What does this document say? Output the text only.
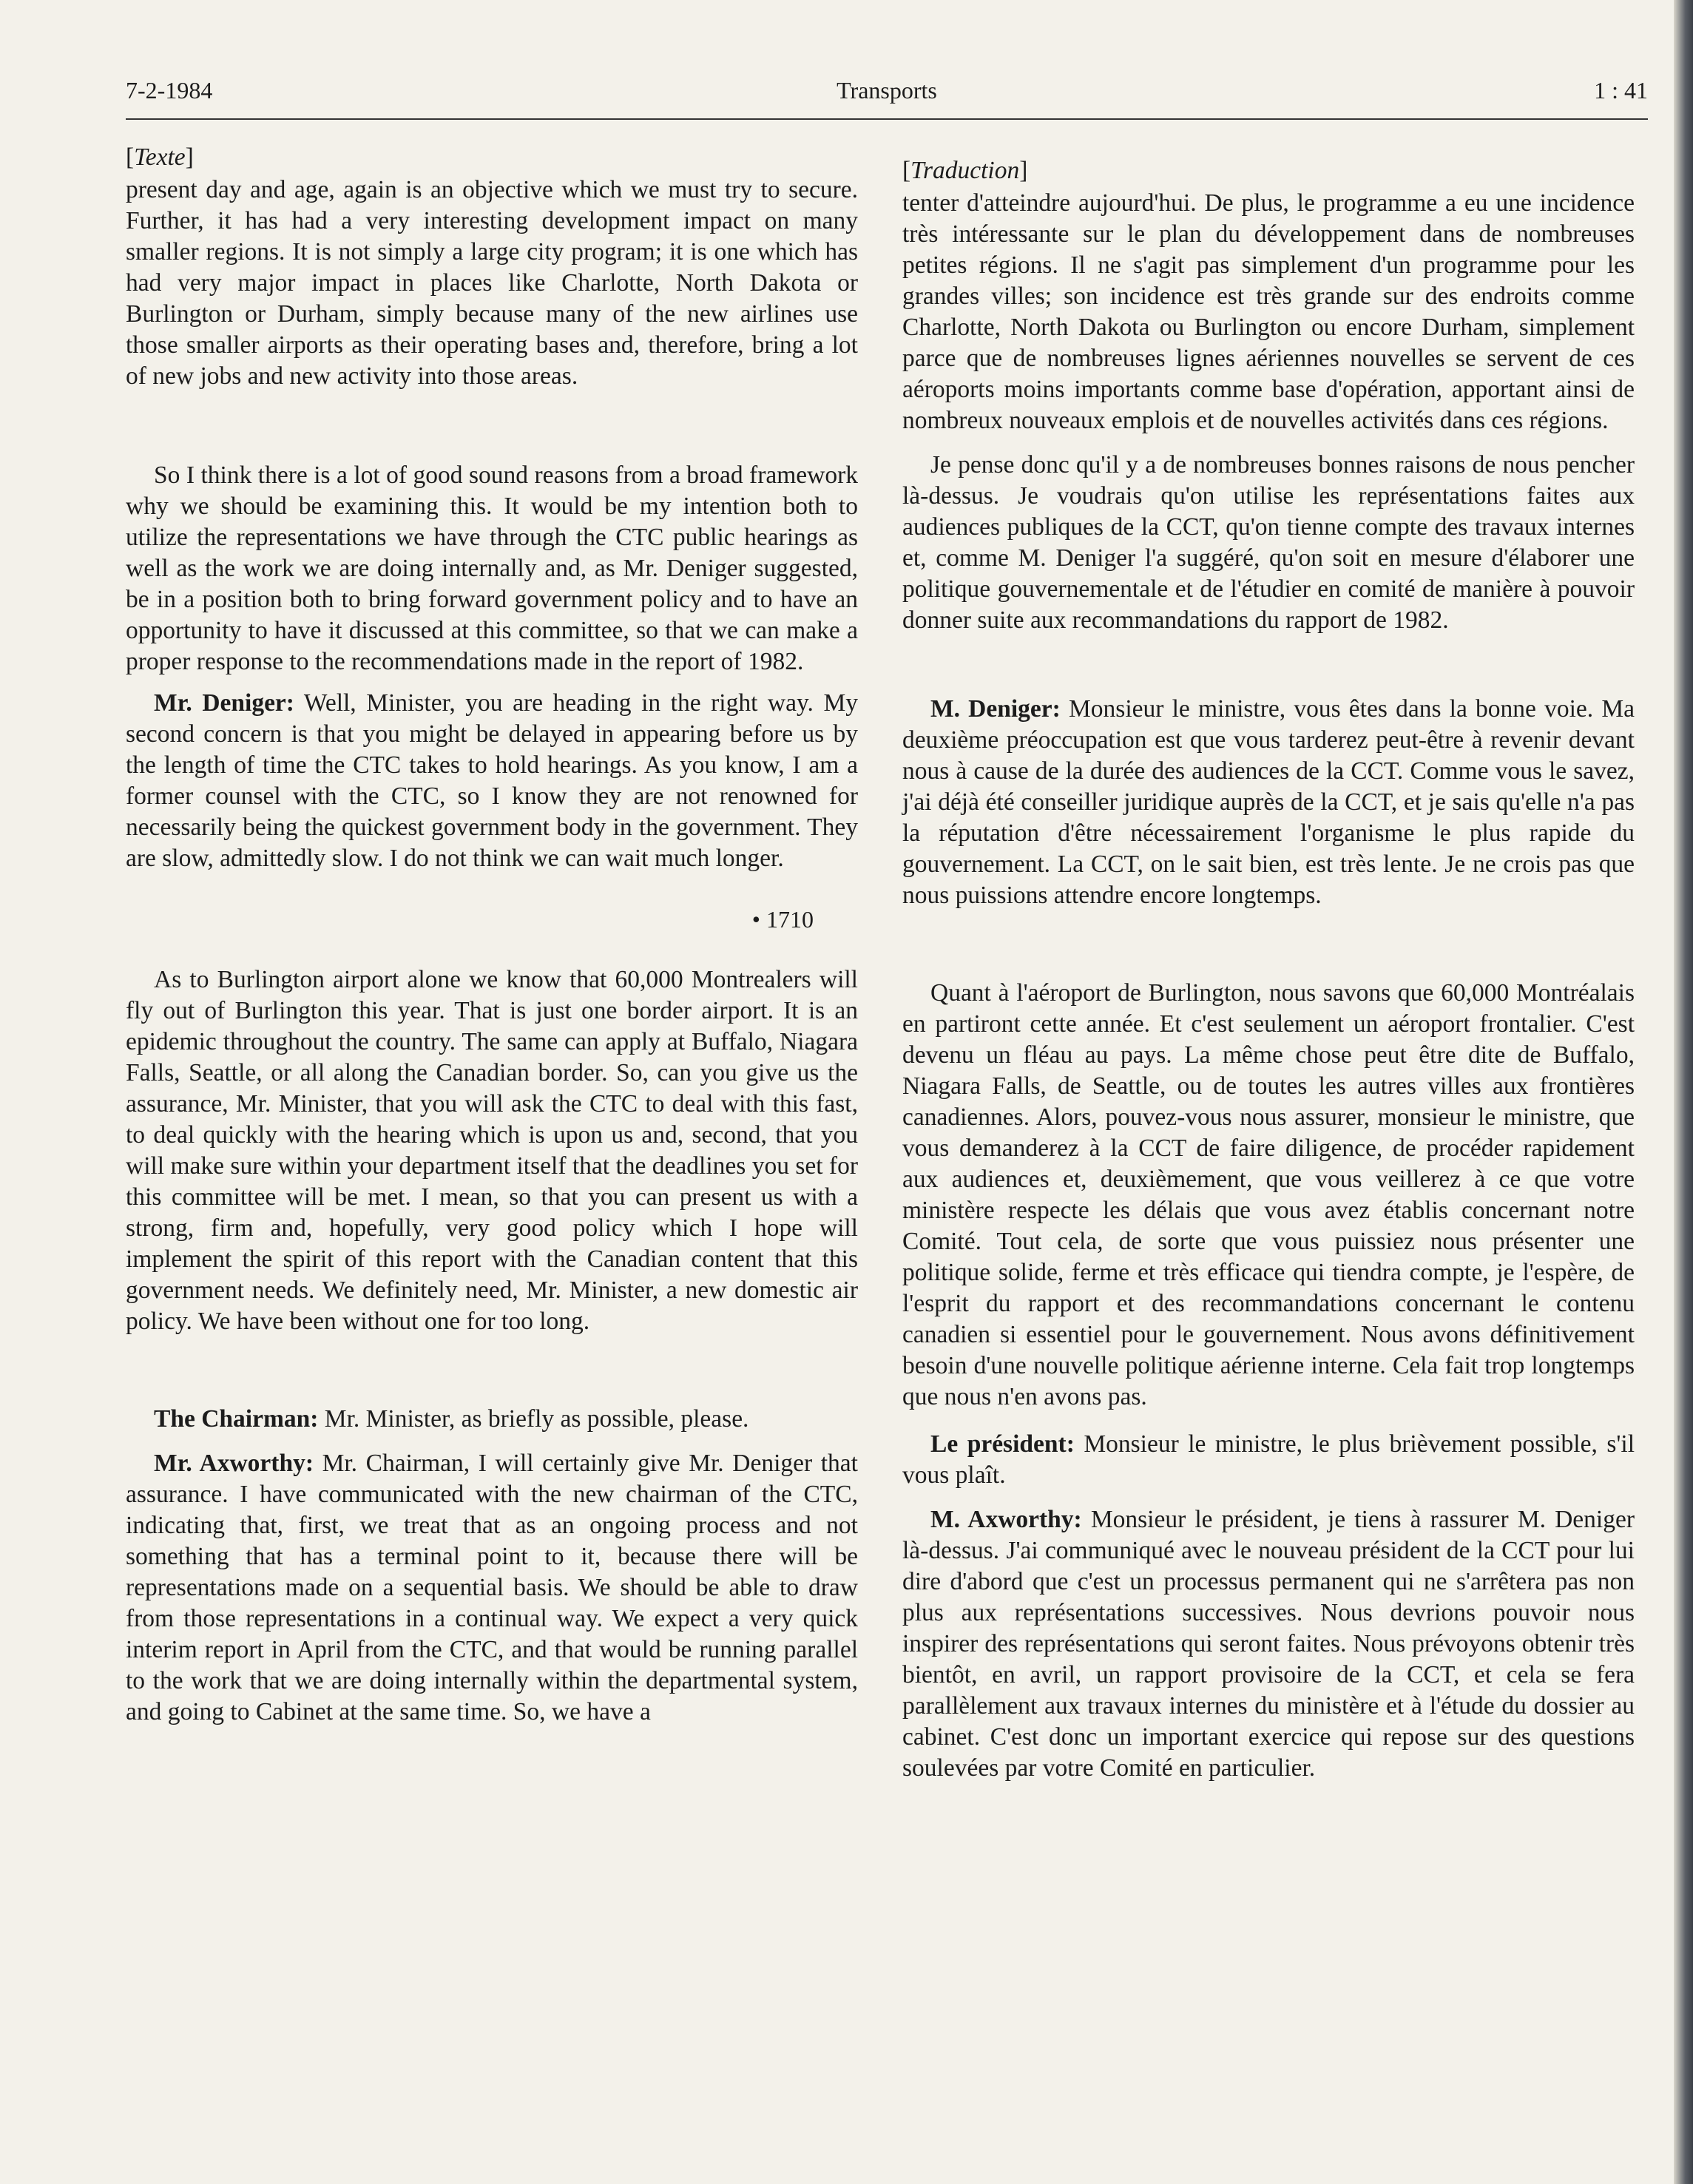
7-2-1984	Transports	1 : 41
[Texte]

present day and age, again is an objective which we must try to secure. Further, it has had a very interesting development impact on many smaller regions. It is not simply a large city program; it is one which has had very major impact in places like Charlotte, North Dakota or Burlington or Durham, simply because many of the new airlines use those smaller airports as their operating bases and, therefore, bring a lot of new jobs and new activity into those areas.

So I think there is a lot of good sound reasons from a broad framework why we should be examining this. It would be my intention both to utilize the representations we have through the CTC public hearings as well as the work we are doing internally and, as Mr. Deniger suggested, be in a position both to bring forward government policy and to have an opportunity to have it discussed at this committee, so that we can make a proper response to the recommendations made in the report of 1982.

Mr. Deniger: Well, Minister, you are heading in the right way. My second concern is that you might be delayed in appearing before us by the length of time the CTC takes to hold hearings. As you know, I am a former counsel with the CTC, so I know they are not renowned for necessarily being the quickest government body in the government. They are slow, admittedly slow. I do not think we can wait much longer.

• 1710

As to Burlington airport alone we know that 60,000 Montrealers will fly out of Burlington this year. That is just one border airport. It is an epidemic throughout the country. The same can apply at Buffalo, Niagara Falls, Seattle, or all along the Canadian border. So, can you give us the assurance, Mr. Minister, that you will ask the CTC to deal with this fast, to deal quickly with the hearing which is upon us and, second, that you will make sure within your department itself that the deadlines you set for this committee will be met. I mean, so that you can present us with a strong, firm and, hopefully, very good policy which I hope will implement the spirit of this report with the Canadian content that this government needs. We definitely need, Mr. Minister, a new domestic air policy. We have been without one for too long.

The Chairman: Mr. Minister, as briefly as possible, please.

Mr. Axworthy: Mr. Chairman, I will certainly give Mr. Deniger that assurance. I have communicated with the new chairman of the CTC, indicating that, first, we treat that as an ongoing process and not something that has a terminal point to it, because there will be representations made on a sequential basis. We should be able to draw from those representations in a continual way. We expect a very quick interim report in April from the CTC, and that would be running parallel to the work that we are doing internally within the departmental system, and going to Cabinet at the same time. So, we have a

[Traduction]

tenter d'atteindre aujourd'hui. De plus, le programme a eu une incidence très intéressante sur le plan du développement dans de nombreuses petites régions. Il ne s'agit pas simplement d'un programme pour les grandes villes; son incidence est très grande sur des endroits comme Charlotte, North Dakota ou Burlington ou encore Durham, simplement parce que de nombreuses lignes aériennes nouvelles se servent de ces aéroports moins importants comme base d'opération, apportant ainsi de nombreux nouveaux emplois et de nouvelles activités dans ces régions.

Je pense donc qu'il y a de nombreuses bonnes raisons de nous pencher là-dessus. Je voudrais qu'on utilise les représentations faites aux audiences publiques de la CCT, qu'on tienne compte des travaux internes et, comme M. Deniger l'a suggéré, qu'on soit en mesure d'élaborer une politique gouvernementale et de l'étudier en comité de manière à pouvoir donner suite aux recommandations du rapport de 1982.

M. Deniger: Monsieur le ministre, vous êtes dans la bonne voie. Ma deuxième préoccupation est que vous tarderez peut-être à revenir devant nous à cause de la durée des audiences de la CCT. Comme vous le savez, j'ai déjà été conseiller juridique auprès de la CCT, et je sais qu'elle n'a pas la réputation d'être nécessairement l'organisme le plus rapide du gouvernement. La CCT, on le sait bien, est très lente. Je ne crois pas que nous puissions attendre encore longtemps.

Quant à l'aéroport de Burlington, nous savons que 60,000 Montréalais en partiront cette année. Et c'est seulement un aéroport frontalier. C'est devenu un fléau au pays. La même chose peut être dite de Buffalo, Niagara Falls, de Seattle, ou de toutes les autres villes aux frontières canadiennes. Alors, pouvez-vous nous assurer, monsieur le ministre, que vous demanderez à la CCT de faire diligence, de procéder rapidement aux audiences et, deuxièmement, que vous veillerez à ce que votre ministère respecte les délais que vous avez établis concernant notre Comité. Tout cela, de sorte que vous puissiez nous présenter une politique solide, ferme et très efficace qui tiendra compte, je l'espère, de l'esprit du rapport et des recommandations concernant le contenu canadien si essentiel pour le gouvernement. Nous avons définitivement besoin d'une nouvelle politique aérienne interne. Cela fait trop longtemps que nous n'en avons pas.

Le président: Monsieur le ministre, le plus brièvement possible, s'il vous plaît.

M. Axworthy: Monsieur le président, je tiens à rassurer M. Deniger là-dessus. J'ai communiqué avec le nouveau président de la CCT pour lui dire d'abord que c'est un processus permanent qui ne s'arrêtera pas non plus aux représentations successives. Nous devrions pouvoir nous inspirer des représentations qui seront faites. Nous prévoyons obtenir très bientôt, en avril, un rapport provisoire de la CCT, et cela se fera parallèlement aux travaux internes du ministère et à l'étude du dossier au cabinet. C'est donc un important exercice qui repose sur des questions soulevées par votre Comité en particulier.
